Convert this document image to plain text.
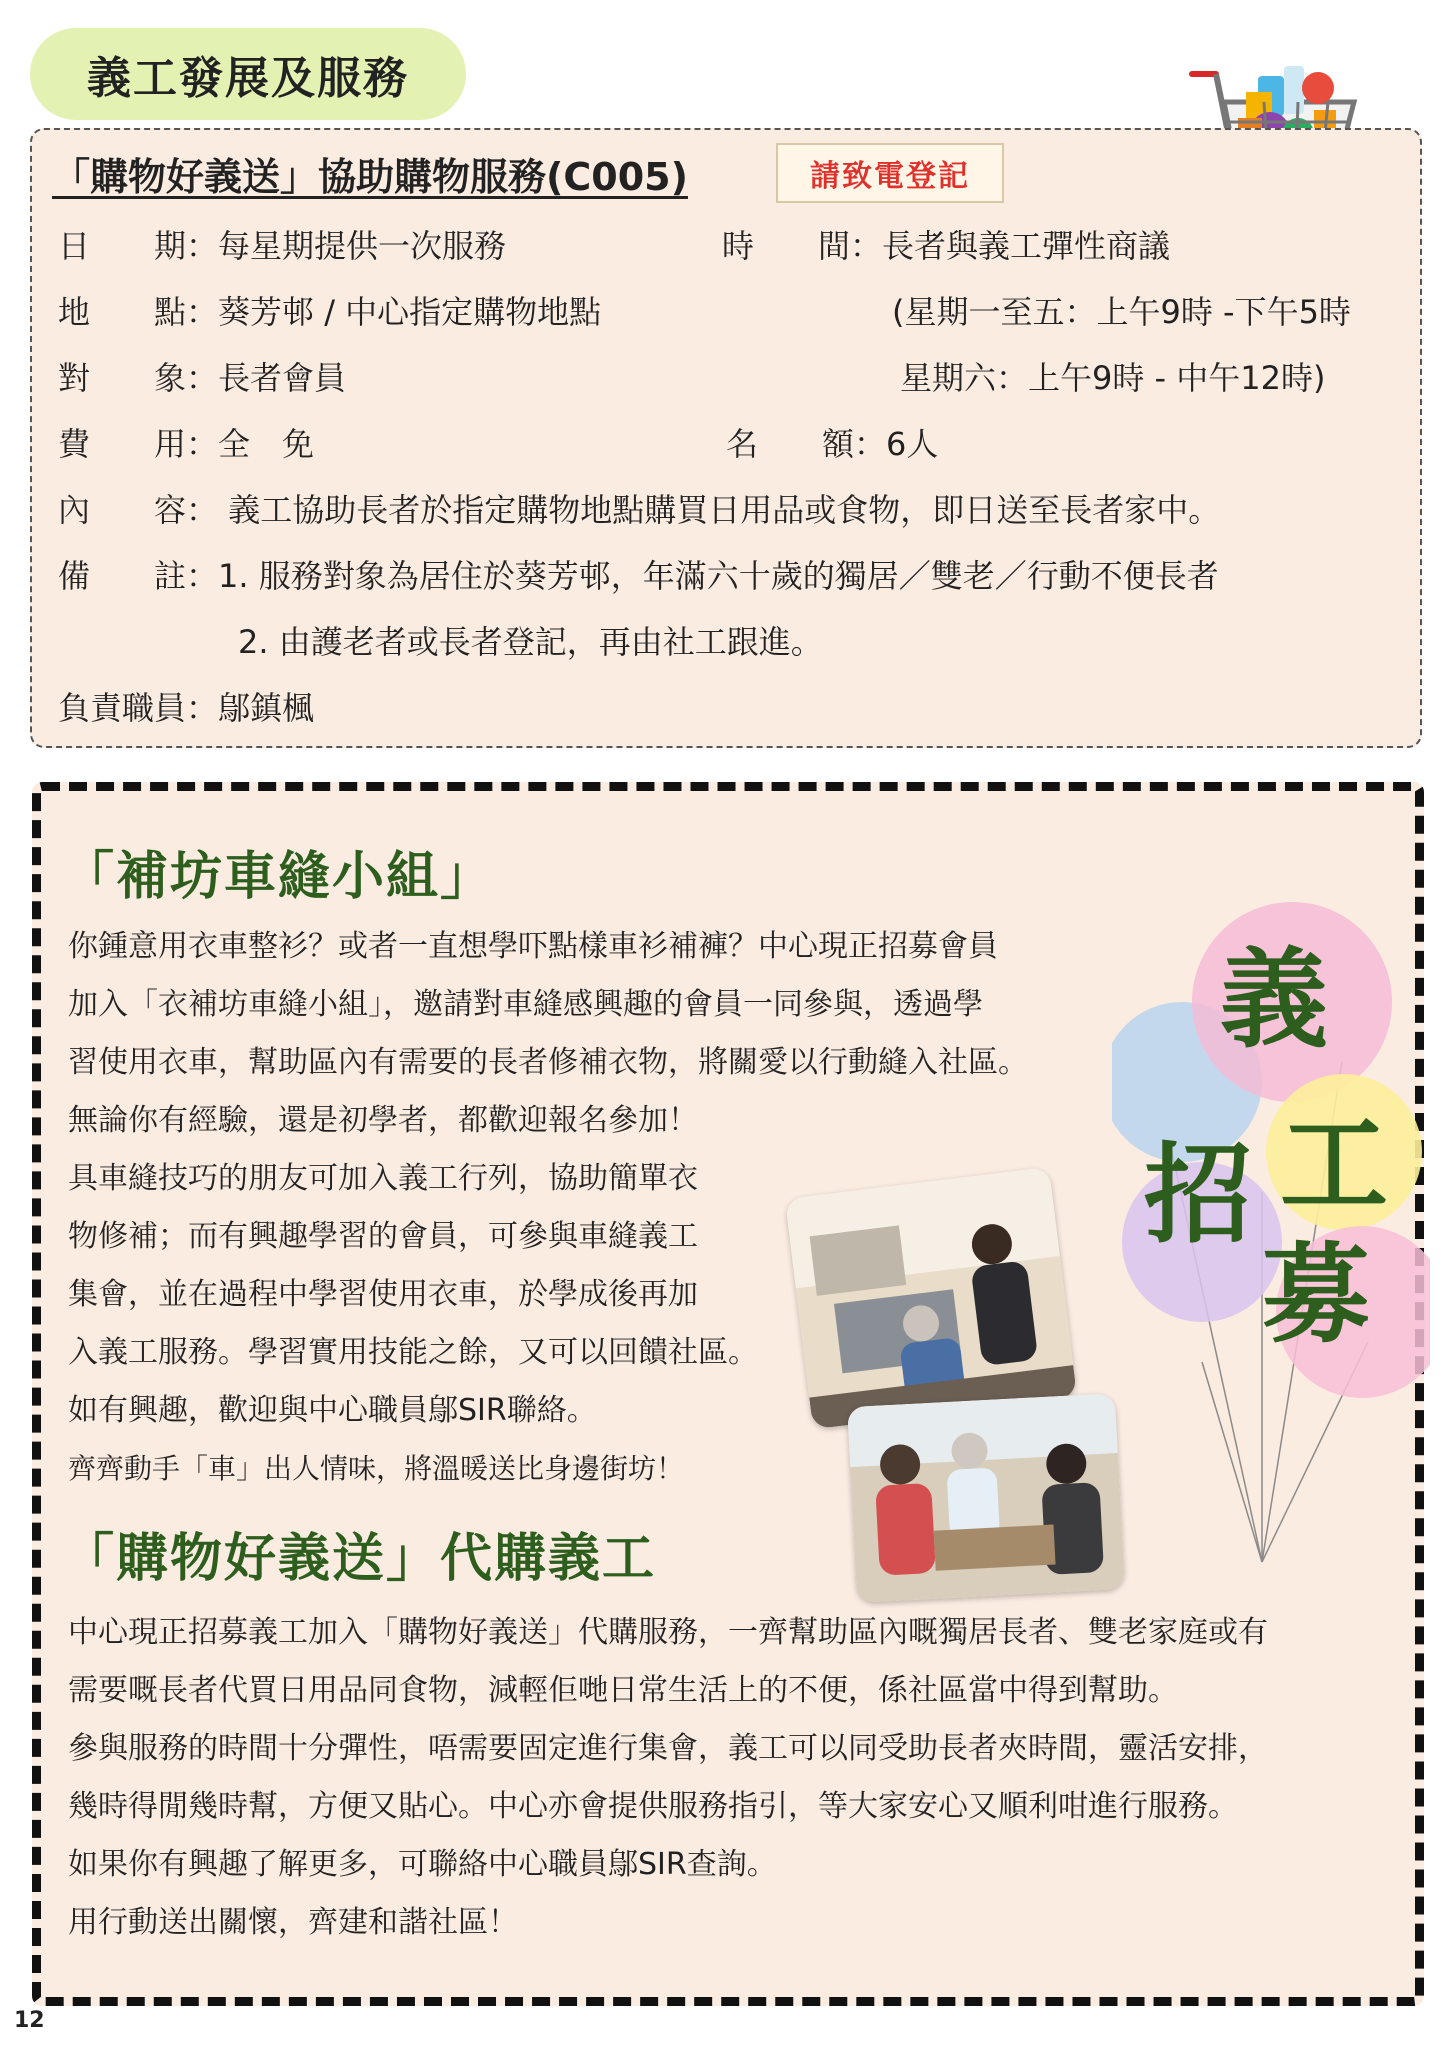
義工發展及服務
「購物好義送」協助購物服務(C005)	請致電登記
日　　期：每星期提供一次服務	時　　間：長者與義工彈性商議
地　　點：葵芳邨 / 中心指定購物地點	(星期一至五：上午9時 -下午5時
對　　象：長者會員	星期六：上午9時 - 中午12時)
費　　用：全　免	名　　額：6人
內　　容： 義工協助長者於指定購物地點購買日用品或食物，即日送至長者家中。
備　　註：1. 服務對象為居住於葵芳邨，年滿六十歲的獨居／雙老／行動不便長者
2. 由護老者或長者登記，再由社工跟進。
負責職員：鄔鎮楓
「補坊車縫小組」
你鍾意用衣車整衫？或者一直想學吓點樣車衫補褲？中心現正招募會員
加入「衣補坊車縫小組」，邀請對車縫感興趣的會員一同參與，透過學
習使用衣車，幫助區內有需要的長者修補衣物，將關愛以行動縫入社區。
無論你有經驗，還是初學者，都歡迎報名參加！
具車縫技巧的朋友可加入義工行列，協助簡單衣
物修補；而有興趣學習的會員，可參與車縫義工
集會，並在過程中學習使用衣車，於學成後再加
入義工服務。學習實用技能之餘，又可以回饋社區。
如有興趣，歡迎與中心職員鄔SIR聯絡。
齊齊動手「車」出人情味，將溫暖送比身邊街坊！
義
工
招
募
「購物好義送」代購義工
中心現正招募義工加入「購物好義送」代購服務，一齊幫助區內嘅獨居長者、雙老家庭或有
需要嘅長者代買日用品同食物，減輕佢哋日常生活上的不便，係社區當中得到幫助。
參與服務的時間十分彈性，唔需要固定進行集會，義工可以同受助長者夾時間，靈活安排，
幾時得閒幾時幫，方便又貼心。中心亦會提供服務指引，等大家安心又順利咁進行服務。
如果你有興趣了解更多，可聯絡中心職員鄔SIR查詢。
用行動送出關懷，齊建和諧社區！
12
